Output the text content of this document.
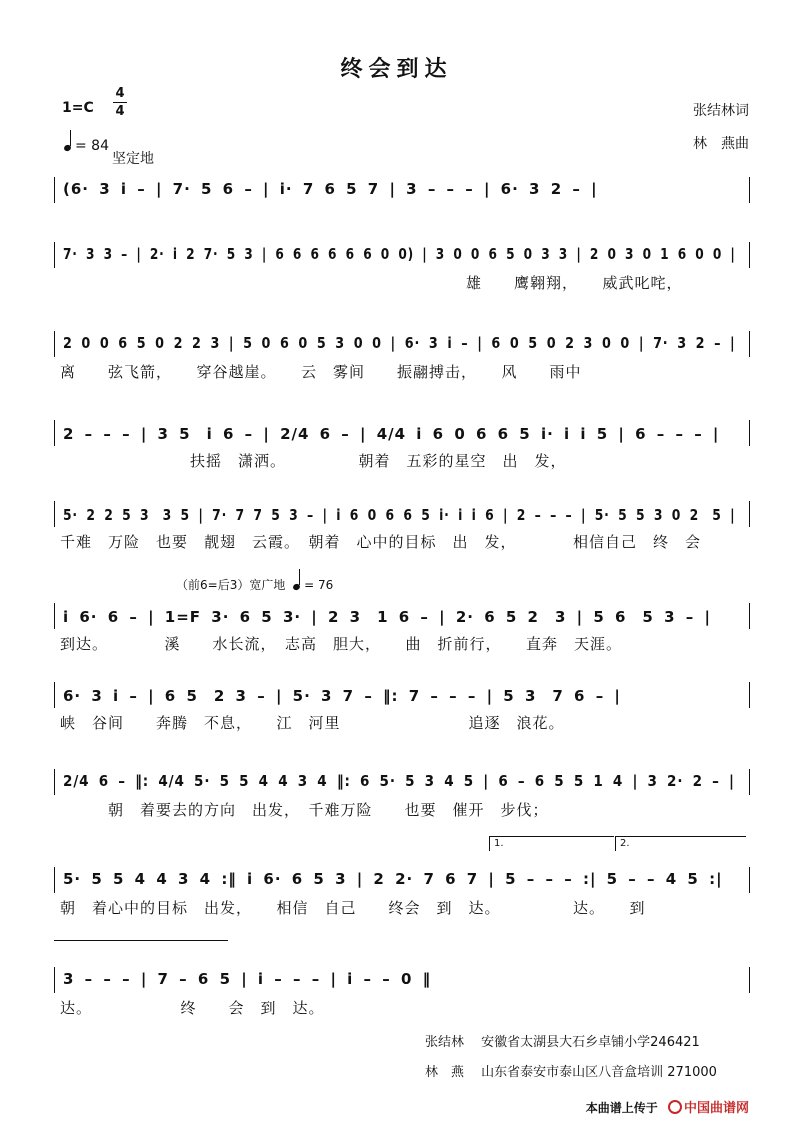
终会到达
1=C
4
4
= 84
坚定地
张结林词
林　燕曲
(6· 3 i – | 7· 5 6 – | i· 7 6 5 7 | 3 – – – | 6· 3 2 – |
7· 3 3 – | 2· i 2 7· 5 3 | 6 6 6 6 6 6 0 0) | 3 0 0 6 5 0 3 3 | 2 0 3 0 1 6 0 0 |
雄　　鹰翱翔，　　威武叱咤，
2 0 0 6 5 0 2 2 3 | 5 0 6 0 5 3 0 0 | 6· 3 i – | 6 0 5 0 2 3 0 0 | 7· 3 2 – |
离　　弦飞箭，　　穿谷越崖。　　云　雾间　　振翮搏击，　　风　　雨中
2 – – – | 3 5　i 6 – | 2/4 6 – | 4/4 i 6 0 6 6 5 i· i i 5 | 6 – – – |
扶摇　潇洒。　　　　　朝着　五彩的星空　出　发，
5· 2 2 5 3　3 5 | 7· 7 7 5 3 – | i 6 0 6 6 5 i· i i 6 | 2 – – – | 5· 5 5 3 0 2　5 |
千难　万险　也要　靓翅　云霞。　朝着　心中的目标　出　发，　　　　相信自己　终　会
（前6=后3）宽广地 = 76
i 6· 6 – | 1=F 3· 6 5 3· | 2 3　1 6 – | 2· 6 5 2　3 | 5 6　5 3 – |
到达。　　　　溪　　水长流，　志高　胆大，　　曲　折前行，　　直奔　天涯。
6· 3 i – | 6 5　2 3 – | 5· 3 7 – ‖: 7 – – – | 5 3　7 6 – |
峡　谷间　　奔腾　不息，　　江　河里　　　　　　　　追逐　浪花。
2/4 6 – ‖: 4/4 5· 5 5 4 4 3 4 ‖: 6 5· 5 3 4 5 | 6 – 6 5 5 1 4 | 3 2· 2 – |
　　　朝　着要去的方向　出发，　千难万险　　也要　催开　步伐；
1.	2.
5· 5 5 4 4 3 4 :‖ i 6· 6 5 3 | 2 2· 7 6 7 | 5 – – – :| 5 – – 4 5 :|
朝　着心中的目标　出发，　　相信　自己　　终会　到　达。　　　　　达。　　到
3 – – – | 7 – 6 5 | i – – – | i – – 0 ‖
达。　　　　　　终　　会　到　达。
张结林　 安徽省太湖县大石乡卓铺小学246421
林　燕　 山东省泰安市泰山区八音盒培训 271000
本曲谱上传于 中国曲谱网
